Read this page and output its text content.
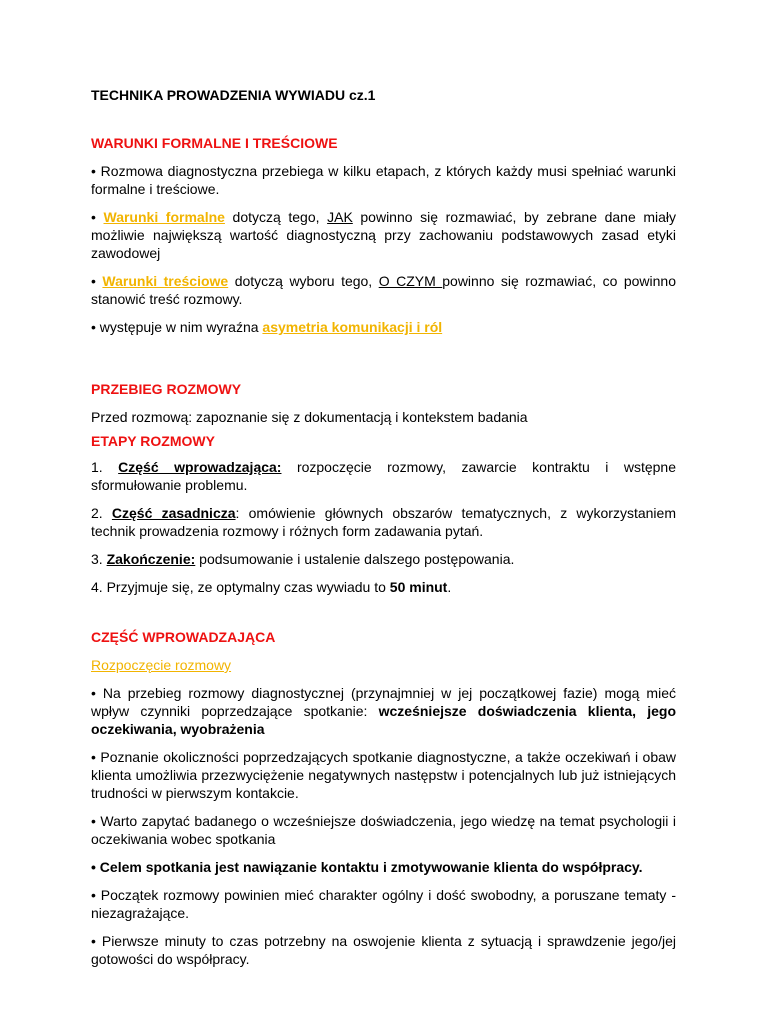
TECHNIKA PROWADZENIA WYWIADU cz.1
WARUNKI FORMALNE I TREŚCIOWE

• Rozmowa diagnostyczna przebiega w kilku etapach, z których każdy musi spełniać warunki formalne i treściowe.

• Warunki formalne dotyczą tego, JAK powinno się rozmawiać, by zebrane dane miały możliwie największą wartość diagnostyczną przy zachowaniu podstawowych zasad etyki zawodowej

• Warunki treściowe dotyczą wyboru tego, O CZYM powinno się rozmawiać, co powinno stanowić treść rozmowy.

• występuje w nim wyraźna asymetria komunikacji i ról

PRZEBIEG ROZMOWY

Przed rozmową: zapoznanie się z dokumentacją i kontekstem badania

ETAPY ROZMOWY

1. Część wprowadzająca: rozpoczęcie rozmowy, zawarcie kontraktu i wstępne sformułowanie problemu.

2. Część zasadnicza: omówienie głównych obszarów tematycznych, z wykorzystaniem technik prowadzenia rozmowy i różnych form zadawania pytań.

3. Zakończenie: podsumowanie i ustalenie dalszego postępowania.

4. Przyjmuje się, ze optymalny czas wywiadu to 50 minut.

CZĘŚĆ WPROWADZAJĄCA
Rozpoczęcie rozmowy

• Na przebieg rozmowy diagnostycznej (przynajmniej w jej początkowej fazie) mogą mieć wpływ czynniki poprzedzające spotkanie: wcześniejsze doświadczenia klienta, jego oczekiwania, wyobrażenia

• Poznanie okoliczności poprzedzających spotkanie diagnostyczne, a także oczekiwań i obaw klienta umożliwia przezwyciężenie negatywnych następstw i potencjalnych lub już istniejących trudności w pierwszym kontakcie.

• Warto zapytać badanego o wcześniejsze doświadczenia, jego wiedzę na temat psychologii i oczekiwania wobec spotkania

• Celem spotkania jest nawiązanie kontaktu i zmotywowanie klienta do współpracy.

• Początek rozmowy powinien mieć charakter ogólny i dość swobodny, a poruszane tematy - niezagrażające.

• Pierwsze minuty to czas potrzebny na oswojenie klienta z sytuacją i sprawdzenie jego/jej gotowości do współpracy.
